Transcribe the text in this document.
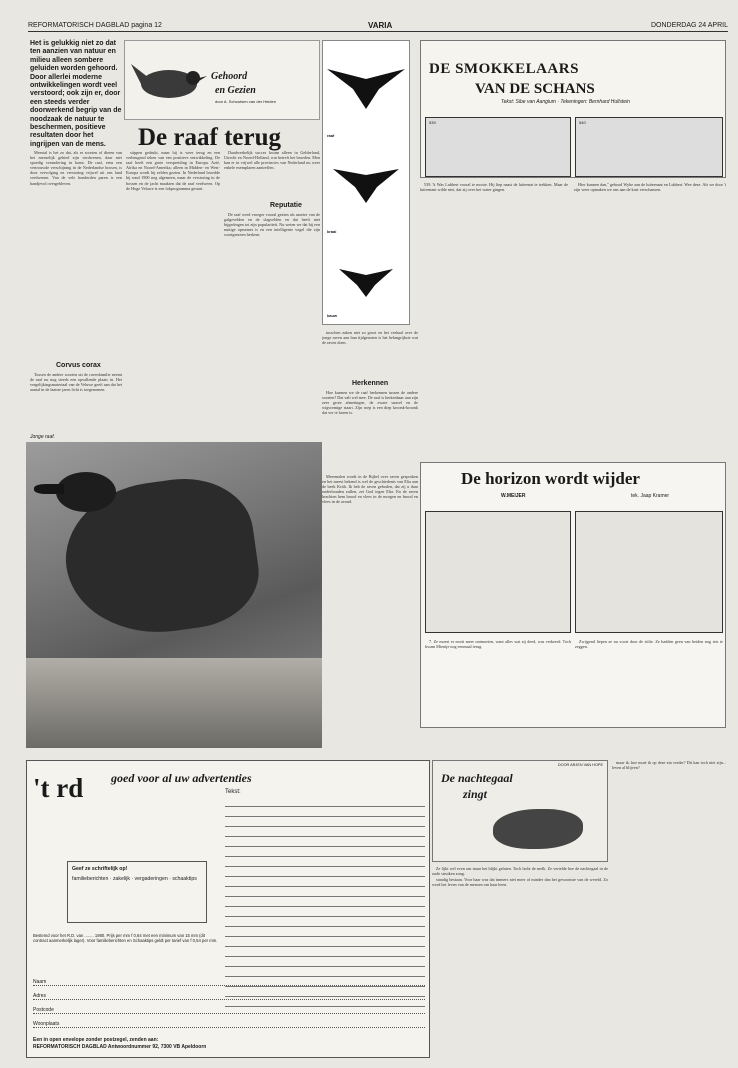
REFORMATORISCH DAGBLAD pagina 12	VARIA	DONDERDAG 24 APRIL
Het is gelukkig niet zo dat ten aanzien van natuur en milieu alleen sombere geluiden worden gehoord. Door allerlei moderne ontwikkelingen wordt veel verstoord; ook zijn er, door een steeds verder doorwerkend begrip van de noodzaak de natuur te beschermen, positieve resultaten door het ingrijpen van de mens.
Gehoord
en Gezien
door A. Schoutsen van der Heiden
De raaf terug

Meestal is het zo dat, als er soorten of dieren van het menselijk gebied zijn verdwenen, daar niet spoedig verandering in komt. De raaf, eens een vertrouwde verschijning in de Nederlandse bossen, is door vervolging en verstoring vrijwel uit ons land verdwenen. Van de vele honderden paren is een handjevol overgebleven.

Corvus corax

Tussen de andere soorten uit de ravenfamilie neemt de raaf nu nog steeds een opvallende plaats in. Het vergelijkingsmateriaal van de Veluwe geeft aan dat het aantal in de laatste jaren licht is toegenomen.

stippen gedrukt, maar hij is weer terug en een verheugend teken van een positieve ontwikkeling. De raaf heeft een grote verspreiding in Europa, Azië, Afrika en Noord-Amerika; alleen in Midden- en West-Europa wordt hij zelden gezien. In Nederland broedde hij rond 1900 nog algemeen, maar de verstoring in de bossen en de jacht maakten dat de raaf verdween. Op de Hoge Veluwe is een fokprogramma gestart.

Daadwerkelijk succes kwam alleen in Gelderland, Utrecht en Noord-Holland, wat betreft het broeden. Men kan er in vrijwel alle provincies van Nederland nu weer enkele exemplaren aantreffen.

Reputatie

De raaf werd vroeger vooral gezien als aaseter van de galgevelden en de slagvelden en dat heeft niet bijgedragen tot zijn populariteit. Nu weten we dat hij een nuttige opruimer is en een intelligente vogel die zijn soortgenoten herkent.

Meermalen wordt in de Bijbel over raven gesproken en het meest bekend is wel de geschiedenis van Elia aan de beek Krith. Ik heb de raven geboden, dat zij u daar onderhouden zullen, zei God tegen Elia. En de raven brachten hem brood en vlees in de morgen en brood en vlees in de avond.

raaf
kraai
kauw

tusschen zaken niet zo groot en het verhaal over de jonge raven aan hun tijdgenoten is het belangrijkste wat de raven doen.

Herkennen

Hoe kunnen we de raaf herkennen tussen de andere soorten? Dat valt wel mee. De raaf is herkenbaar aan zijn zeer grote afmetingen, de zware snavel en de wigvormige staart. Zijn roep is een diep kroonk-kroonk dat ver te horen is.

Jonge raaf.
DE SMOKKELAARS
VAN DE SCHANS
Tekst: Sibe van Aangium · Tekeningen: Bernhard Hullstein
539	540

539. 'k Was Lubbert vooral te mooie. Hij liep naast de luiteenat te trekken. Maar de luiteenant wilde niet, dat zij over het water gingen.

Hier kunnen dan," gebood Wybe aan de luiteenant en Lubbert. Wee deze. Als we door 't zijn weer opmaken we ons aan de kust verschansen.

De horizon wordt wijder
W.MEIJER	tek. Jaap Kramer

7. Ze moest er nooit meer ontmoeten, want alles wat zij deed, was verkeerd. Toch kwam Mientje nog eenmaal terug.

Zwijgend liepen ze nu voort door de stilte. Ze hadden geen van beiden nog iets te zeggen.

't rd goed voor al uw advertenties
Tekst:
Geef ze schriftelijk op!
familieberichten · zakelijk · vergaderingen · schaaktips
Bestemd voor het R.D. van ........ 1980. Prijs per mm f 0,64 met een minimum van 15 mm (dit contract aanmerkelijk lager). Voor familieberichten en Schaaktips geldt per tarief van f 0,54 per mm.
Naam
Adres
Postcode
Woonplaats
Een in open envelope zonder postzegel, zenden aan:
REFORMATORISCH DAGBLAD Antwoordnummer 92, 7300 VB Apeldoorn
DOOR ARJEN VAN HOPE
De nachtegaal
zingt

Ze lijkt wel even om maar het blijkt gelaten. Toch lacht de melk. Ze vertelde hoe de nachtegaal in de oude struiken zong.

standig bestaan. Voor haar was dat immers niet meer of minder dan het gewoonste van de wereld. Zo werd het leven van de mensen om haar heen.

maar ik..hoe moet ik op deze zin verder? Dit kan toch niet zijn... leven al blijven?
